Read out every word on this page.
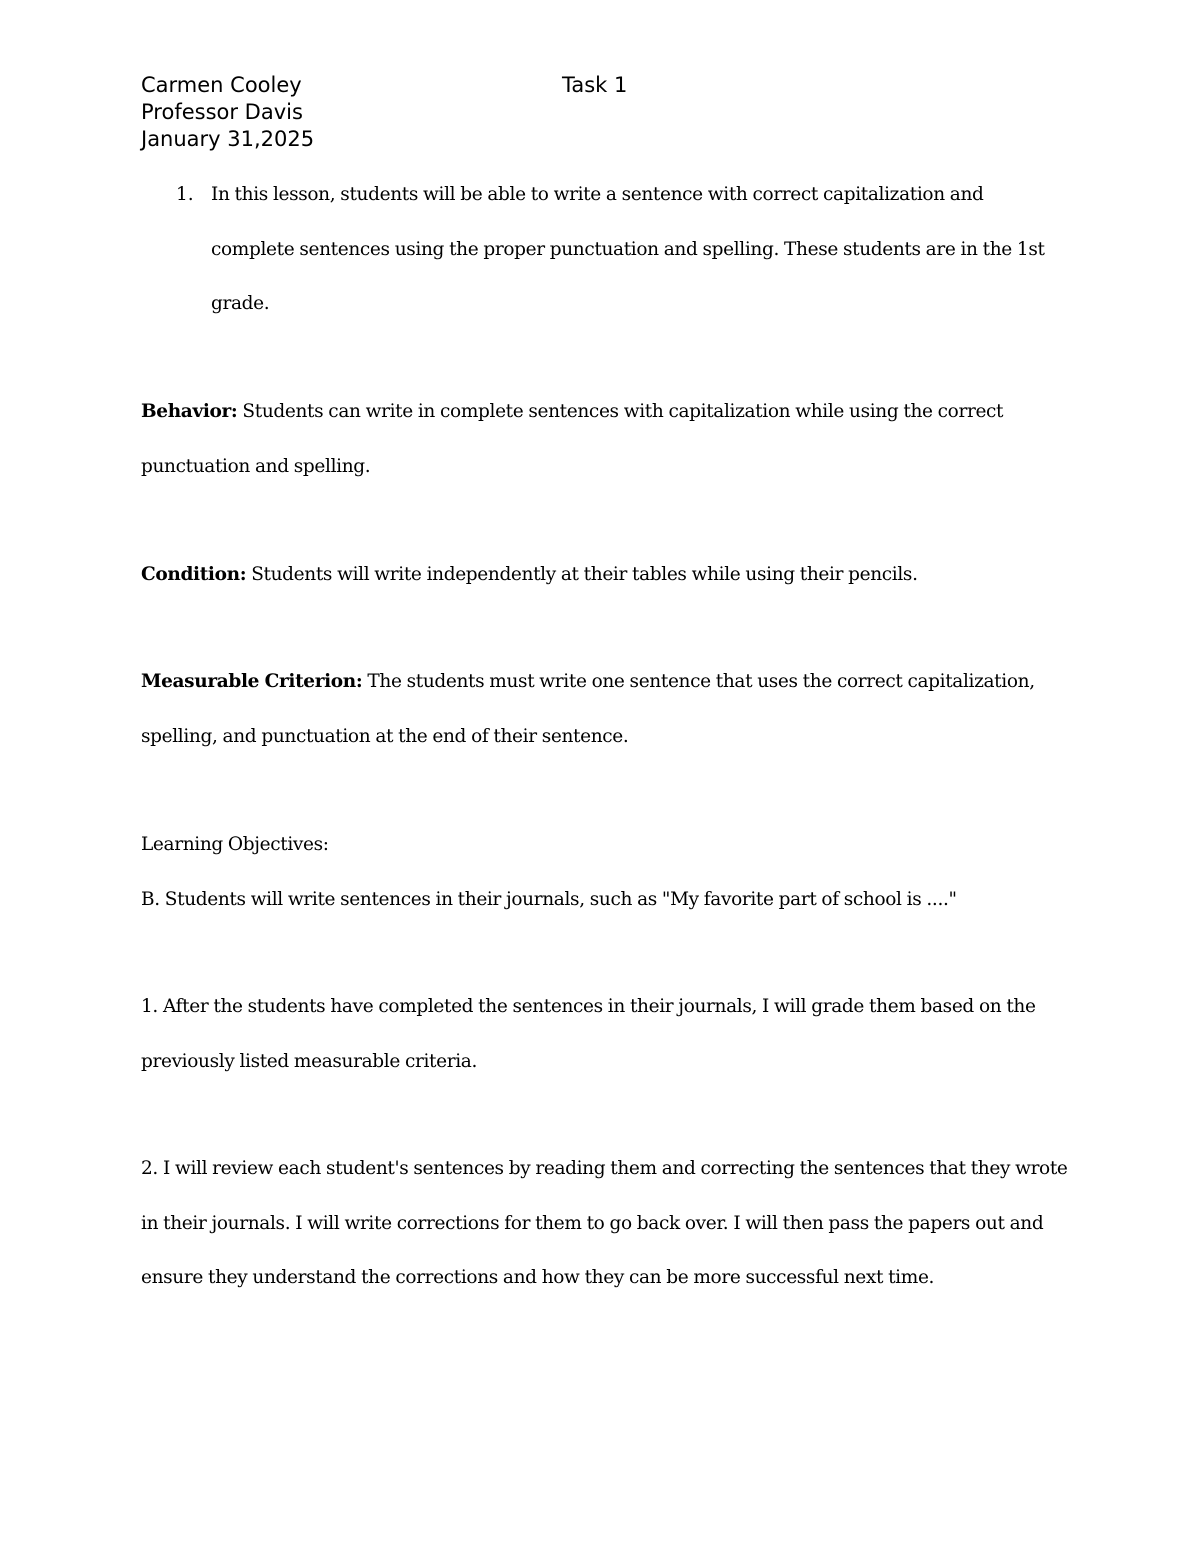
Carmen Cooley	Task 1
Professor Davis
January 31,2025
1. In this lesson, students will be able to write a sentence with correct capitalization and complete sentences using the proper punctuation and spelling. These students are in the 1st grade.
Behavior: Students can write in complete sentences with capitalization while using the correct punctuation and spelling.
Condition: Students will write independently at their tables while using their pencils.
Measurable Criterion: The students must write one sentence that uses the correct capitalization, spelling, and punctuation at the end of their sentence.
Learning Objectives:
B. Students will write sentences in their journals, such as "My favorite part of school is ...."
1. After the students have completed the sentences in their journals, I will grade them based on the previously listed measurable criteria.
2. I will review each student's sentences by reading them and correcting the sentences that they wrote in their journals. I will write corrections for them to go back over. I will then pass the papers out and ensure they understand the corrections and how they can be more successful next time.
